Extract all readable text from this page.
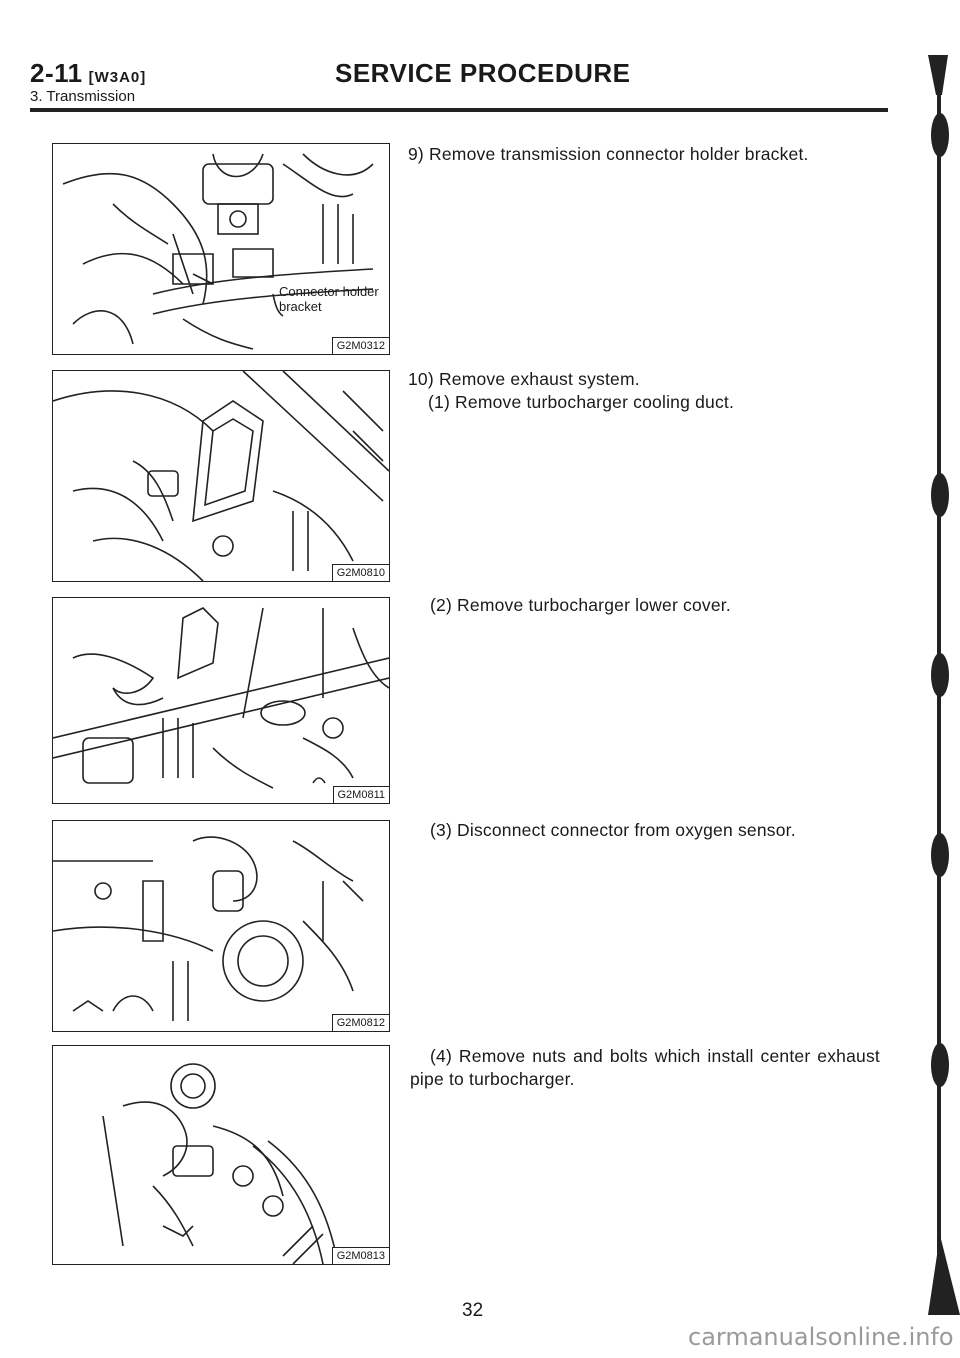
2-11 [W3A0]
3. Transmission
SERVICE PROCEDURE
Connector holder
bracket
G2M0312
G2M0810
G2M0811
G2M0812
G2M0813
9) Remove transmission connector holder bracket.
10) Remove exhaust system.
(1) Remove turbocharger cooling duct.
(2) Remove turbocharger lower cover.
(3) Disconnect connector from oxygen sensor.
(4) Remove nuts and bolts which install center exhaust pipe to turbocharger.
32
carmanualsonline.info
